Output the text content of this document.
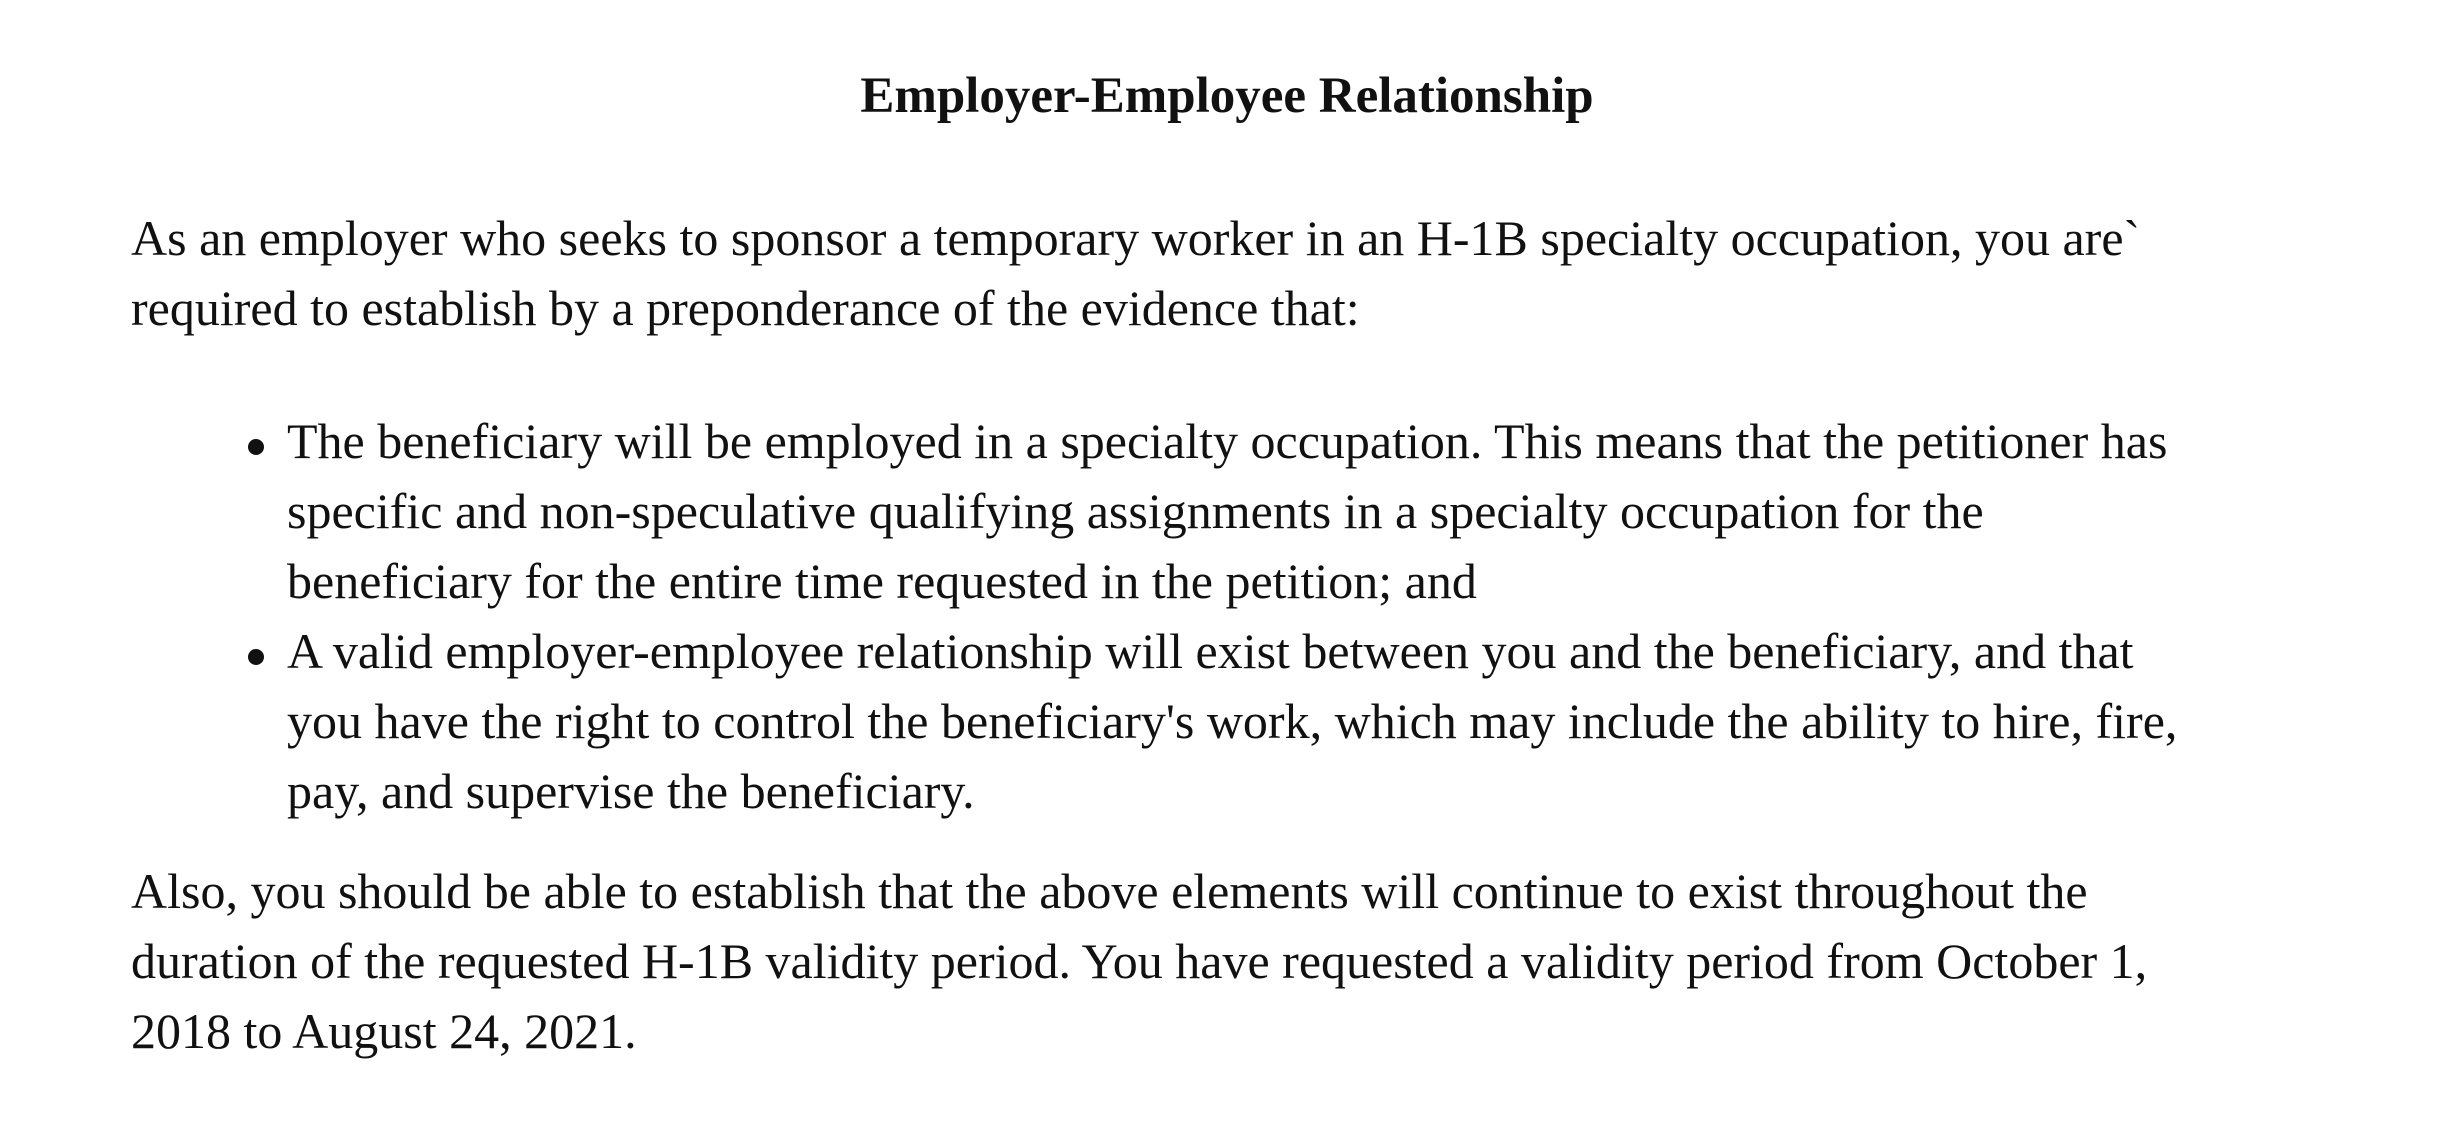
Employer-Employee Relationship

As an employer who seeks to sponsor a temporary worker in an H-1B specialty occupation, you are`
required to establish by a preponderance of the evidence that:

The beneficiary will be employed in a specialty occupation. This means that the petitioner has
specific and non-speculative qualifying assignments in a specialty occupation for the
beneficiary for the entire time requested in the petition; and
A valid employer-employee relationship will exist between you and the beneficiary, and that
you have the right to control the beneficiary's work, which may include the ability to hire, fire,
pay, and supervise the beneficiary.

Also, you should be able to establish that the above elements will continue to exist throughout the
duration of the requested H-1B validity period. You have requested a validity period from October 1,
2018 to August 24, 2021.
